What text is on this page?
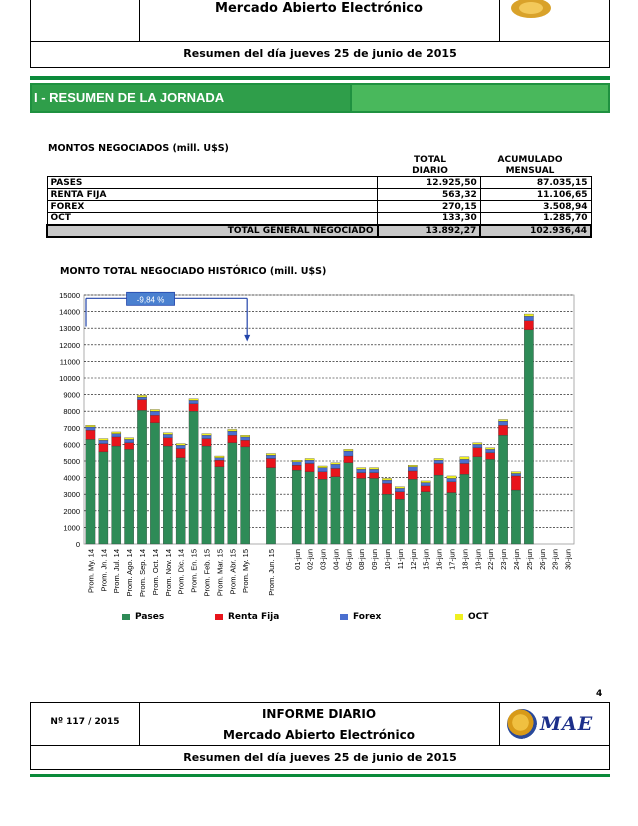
Mercado Abierto Electrónico
Resumen del día jueves 25 de junio de 2015
I - RESUMEN DE LA JORNADA
MONTOS NEGOCIADOS (mill. U$S)
TOTAL
DIARIO
ACUMULADO
MENSUAL
PASES	12.925,50	87.035,15
RENTA FIJA	563,32	11.106,65
FOREX	270,15	3.508,94
OCT	133,30	1.285,70
TOTAL GENERAL NEGOCIADO	13.892,27	102.936,44
MONTO TOTAL NEGOCIADO HISTÓRICO (mill. U$S)
0
1000
2000
3000
4000
5000
6000
7000
8000
9000
10000
11000
12000
13000
14000
15000
Prom. My. 14 Prom. Jn. 14 Prom. Jul. 14 Prom. Ago. 14 Prom. Sep. 14 Prom. Oct. 14 Prom. Nov. 14 Prom. Dic. 14 Prom. En. 15 Prom. Feb. 15 Prom. Mar. 15 Prom. Abr. 15 Prom. My. 15 Prom. Jun. 15 01-jun 02-jun 03-jun 04-jun 05-jun 08-jun 09-jun 10-jun 11-jun 12-jun 15-jun 16-jun 17-jun 18-jun 19-jun 22-jun 23-jun 24-jun 25-jun 26-jun 29-jun 30-jun
-9,84 %
Pases	Renta Fija	Forex	OCT
4
Nº 117 / 2015
INFORME DIARIO
Mercado Abierto Electrónico	MAE
Resumen del día jueves 25 de junio de 2015
